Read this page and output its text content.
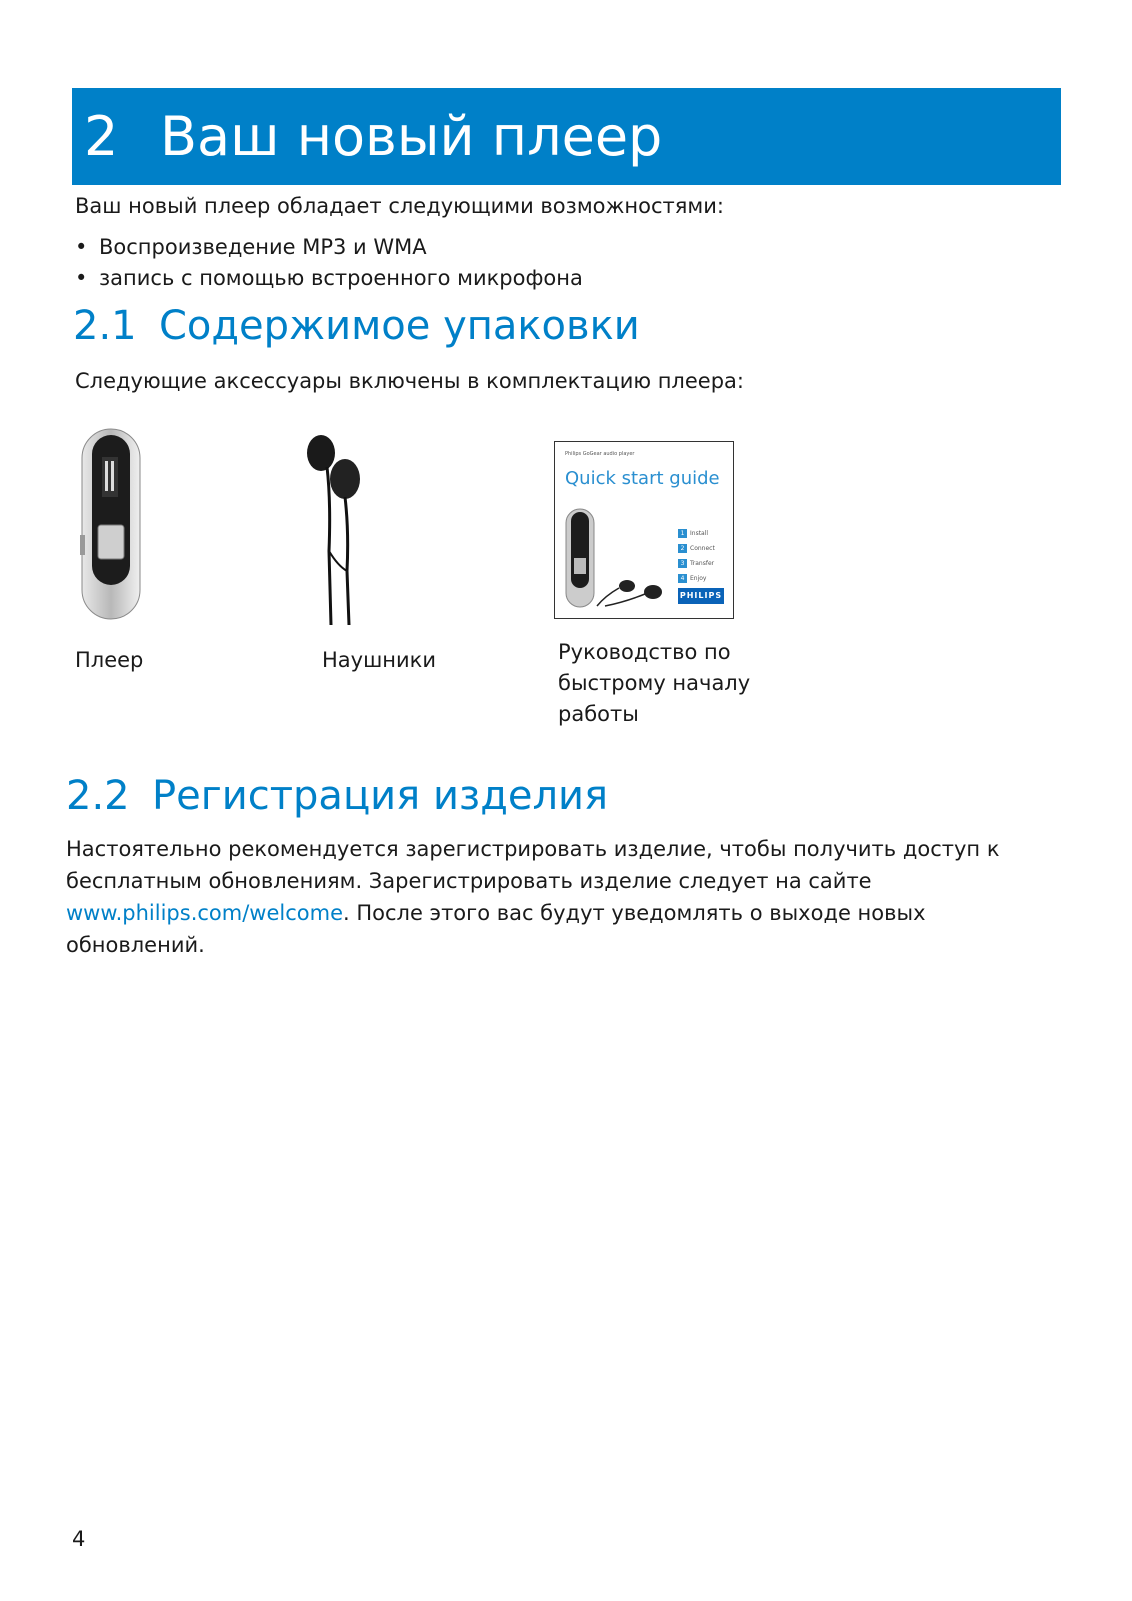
2 Ваш новый плеер
Ваш новый плеер обладает следующими возможностями:
• Воспроизведение MP3 и WMA
• запись с помощью встроенного микрофона
2.1 Содержимое упаковки
Следующие аксессуары включены в комплектацию плеера:
Philips GoGear audio player
Quick start guide
1 Install
2 Connect
3 Transfer
4 Enjoy
PHILIPS
Плеер	Наушники	Руководство по
быстрому началу
работы
2.2 Регистрация изделия
Настоятельно рекомендуется зарегистрировать изделие, чтобы получить доступ к
бесплатным обновлениям. Зарегистрировать изделие следует на сайте
www.philips.com/welcome. После этого вас будут уведомлять о выходе новых
обновлений.
4
